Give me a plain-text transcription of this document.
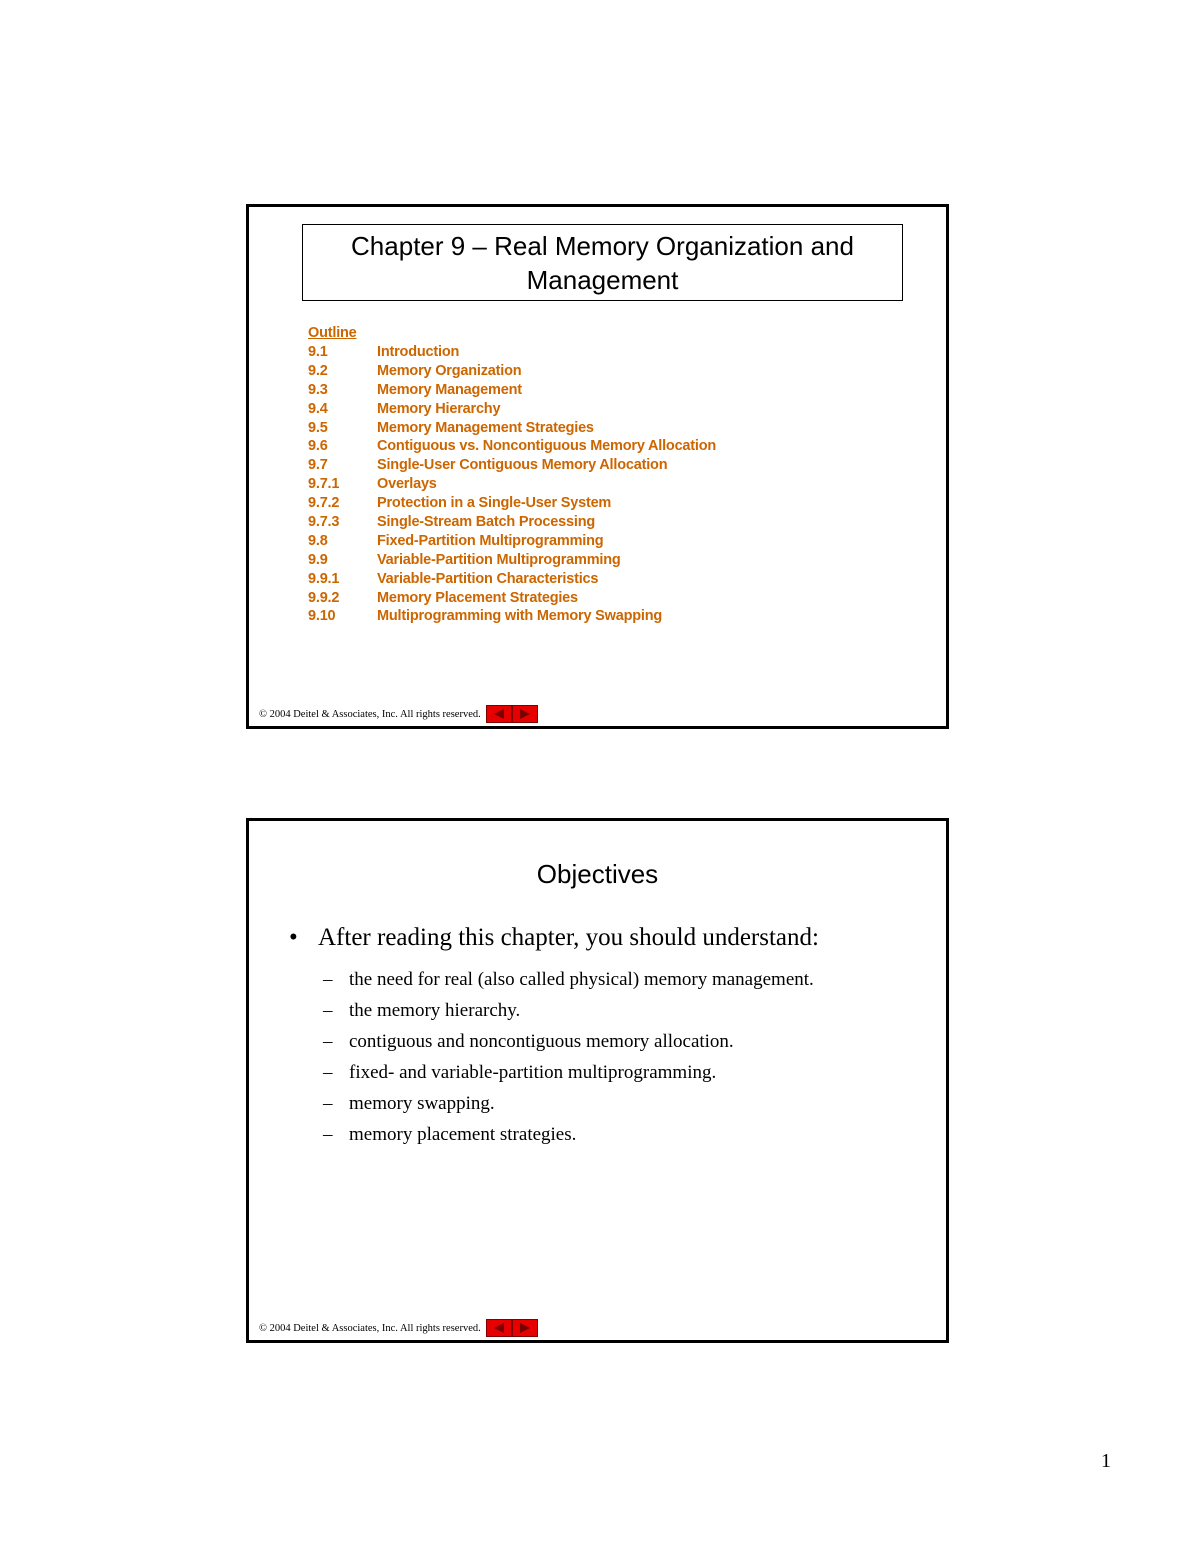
Chapter 9 – Real Memory Organization and
Management
Outline
9.1	Introduction
9.2	Memory Organization
9.3	Memory Management
9.4	Memory Hierarchy
9.5	Memory Management Strategies
9.6	Contiguous vs. Noncontiguous Memory Allocation
9.7	Single-User Contiguous Memory Allocation
9.7.1	Overlays
9.7.2	Protection in a Single-User System
9.7.3	Single-Stream Batch Processing
9.8	Fixed-Partition Multiprogramming
9.9	Variable-Partition Multiprogramming
9.9.1	Variable-Partition Characteristics
9.9.2	Memory Placement Strategies
9.10	Multiprogramming with Memory Swapping
© 2004 Deitel & Associates, Inc. All rights reserved.
Objectives
• After reading this chapter, you should understand:
– the need for real (also called physical) memory management.
– the memory hierarchy.
– contiguous and noncontiguous memory allocation.
– fixed- and variable-partition multiprogramming.
– memory swapping.
– memory placement strategies.
© 2004 Deitel & Associates, Inc. All rights reserved.
1
